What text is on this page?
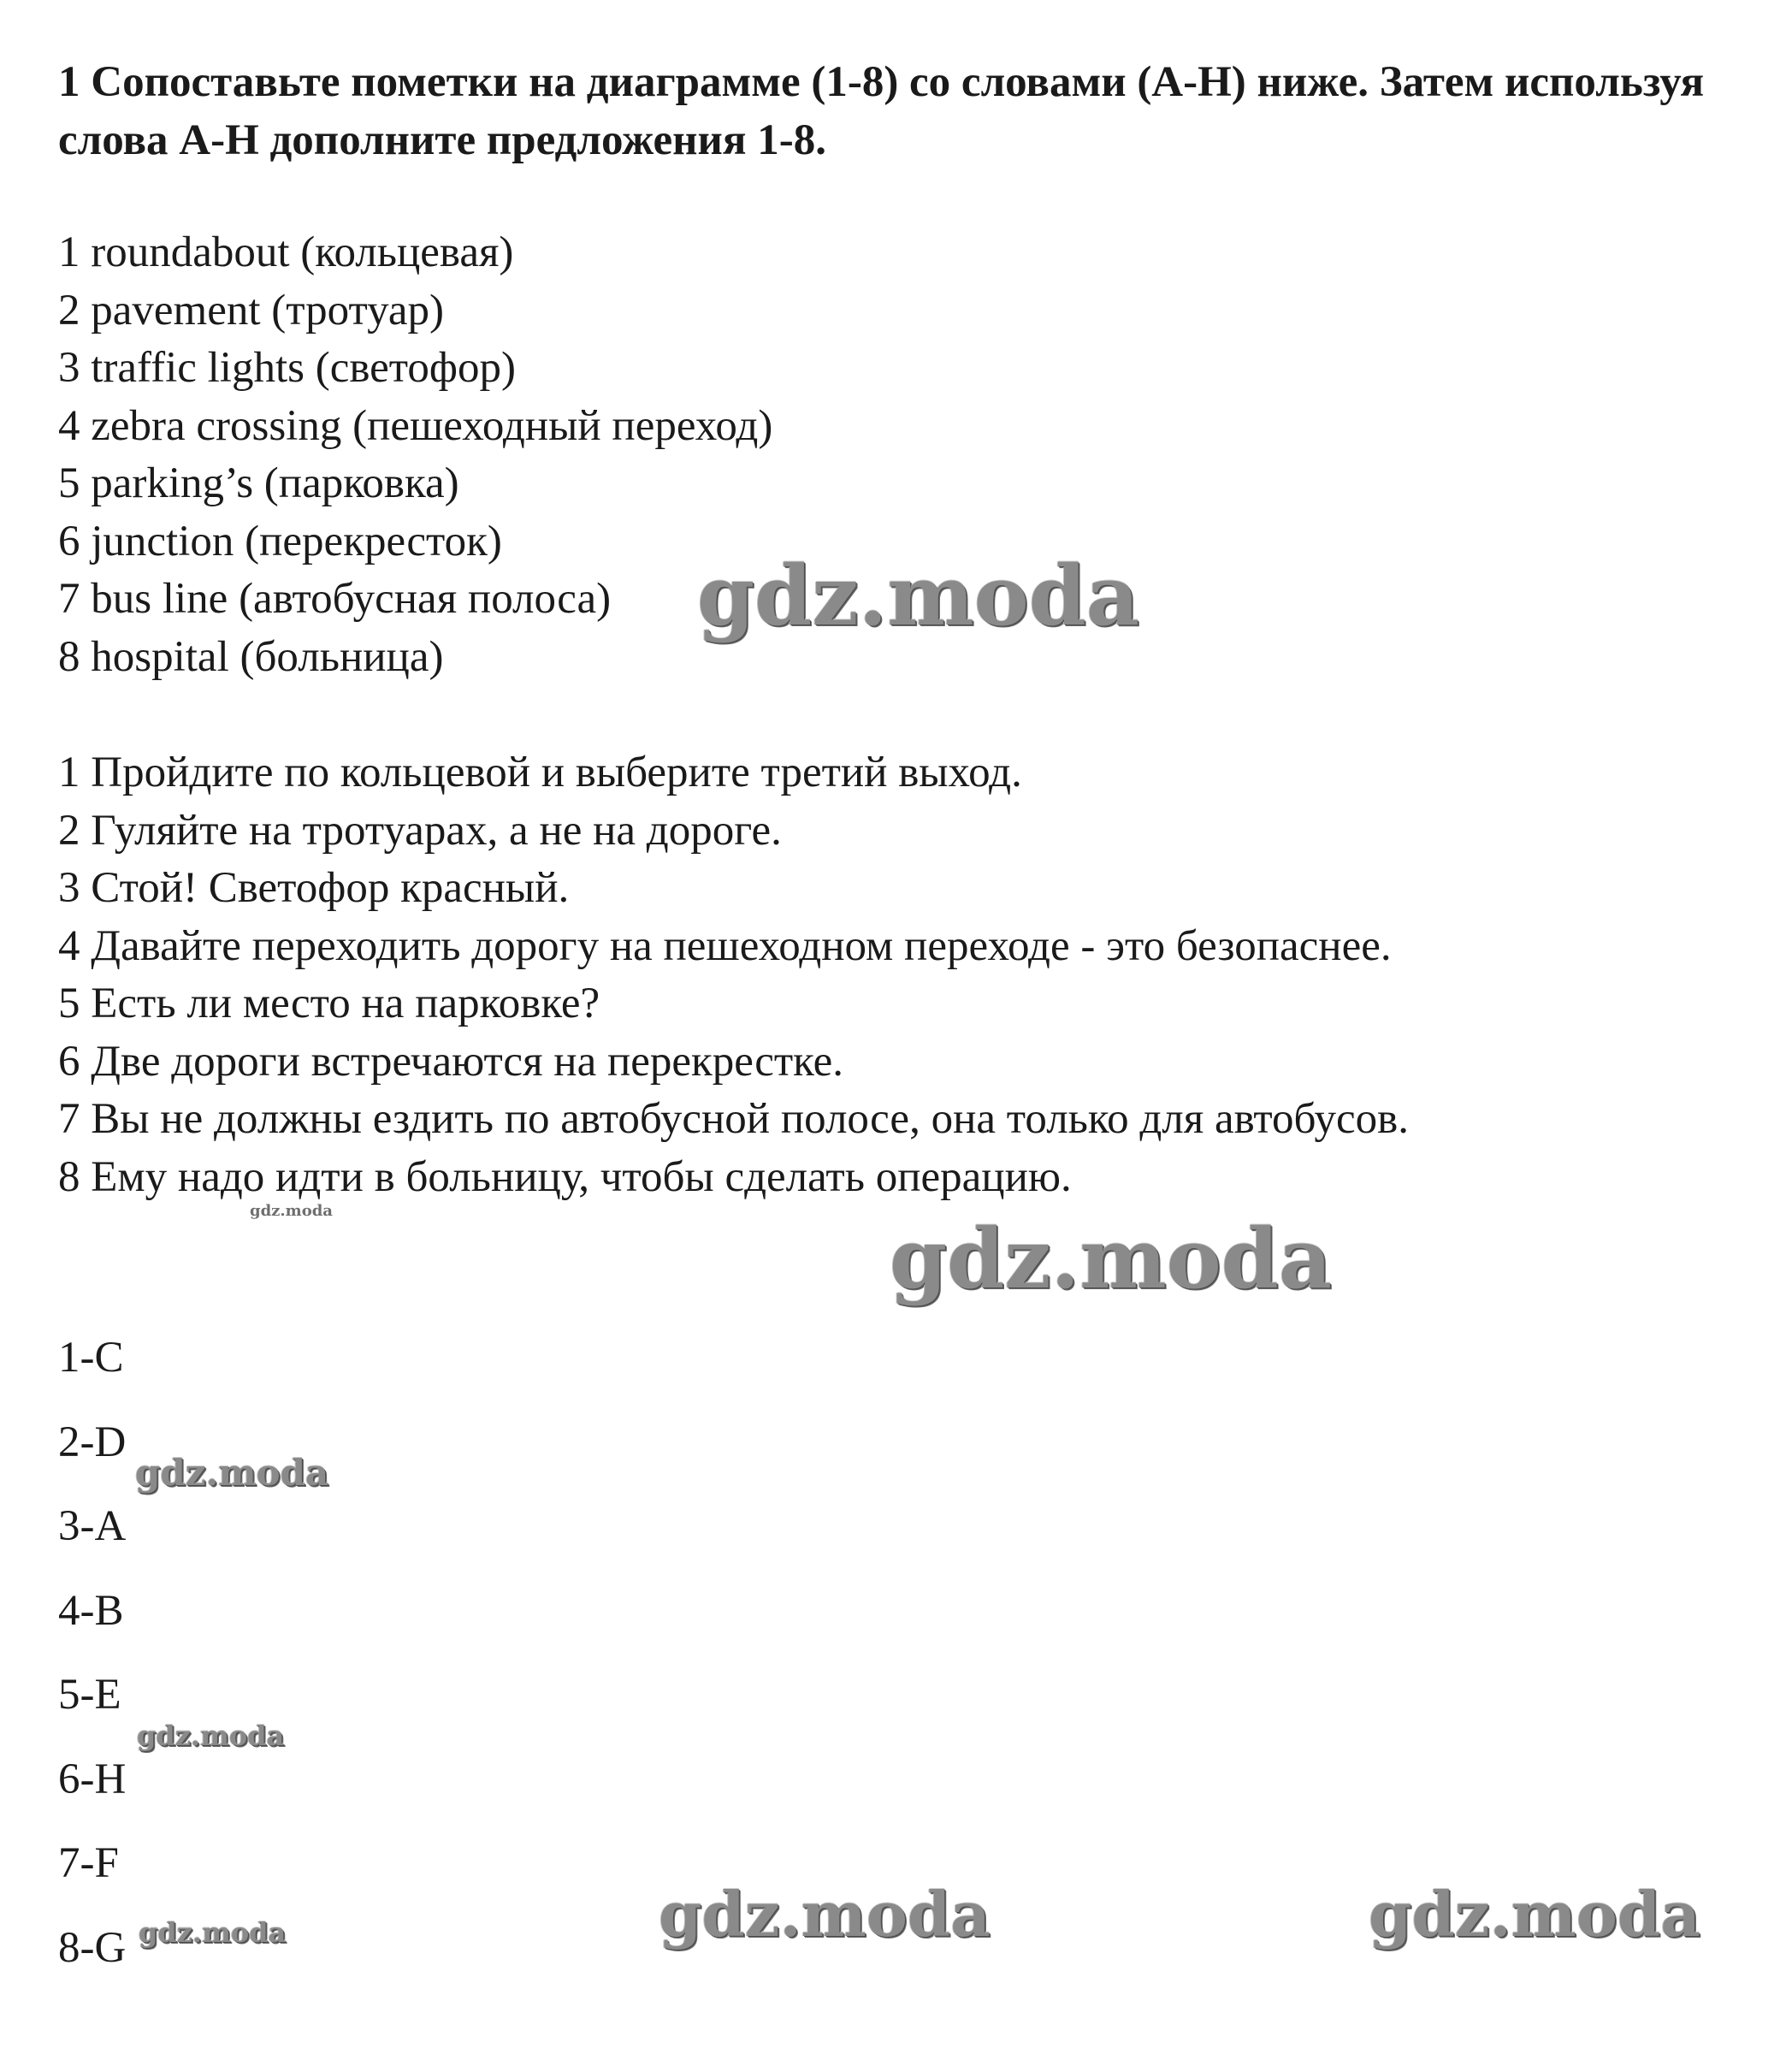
1 Сопоставьте пометки на диаграмме (1-8) со словами (A-H) ниже. Затем используя слова A-H дополните предложения 1-8.

1 roundabout (кольцевая)
2 pavement (тротуар)
3 traffic lights (светофор)
4 zebra crossing (пешеходный переход)
5 parking’s (парковка)
6 junction (перекресток)
7 bus line (автобусная полоса)
8 hospital (больница)
1 Пройдите по кольцевой и выберите третий выход.
2 Гуляйте на тротуарах, а не на дороге.
3 Стой! Светофор красный.
4 Давайте переходить дорогу на пешеходном переходе - это безопаснее.
5 Есть ли место на парковке?
6 Две дороги встречаются на перекрестке.
7 Вы не должны ездить по автобусной полосе, она только для автобусов.
8 Ему надо идти в больницу, чтобы сделать операцию.
1-C
2-D
3-A
4-B
5-E
6-H
7-F
8-G
gdz.moda
gdz.moda
gdz.moda
gdz.moda
gdz.moda
gdz.moda	gdz.moda
gdz.moda
